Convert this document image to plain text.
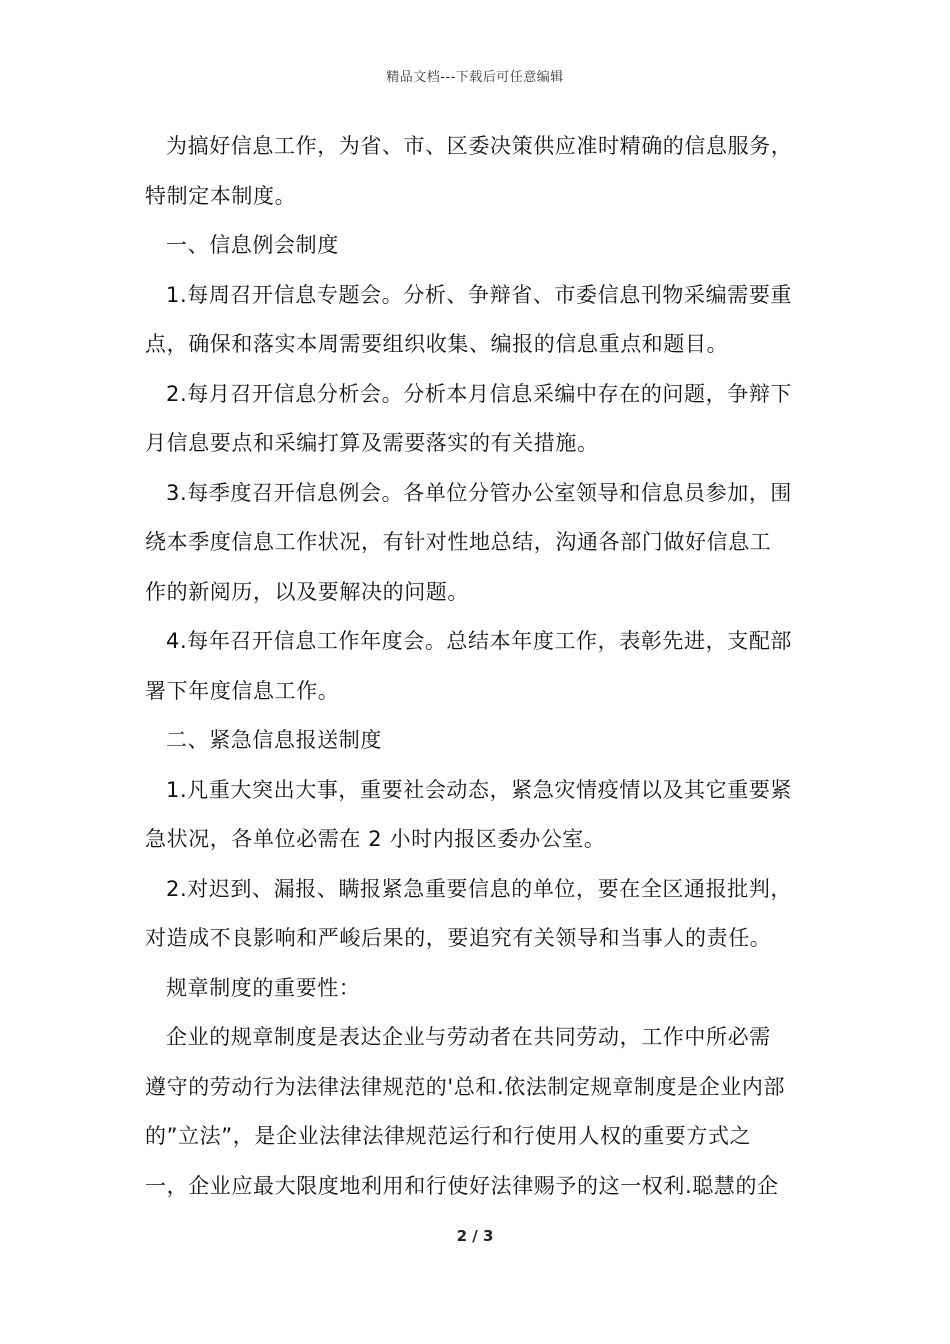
精品文档---下载后可任意编辑
为搞好信息工作，为省、市、区委决策供应准时精确的信息服务，
特制定本制度。
一、信息例会制度
1.每周召开信息专题会。分析、争辩省、市委信息刊物采编需要重
点，确保和落实本周需要组织收集、编报的信息重点和题目。
2.每月召开信息分析会。分析本月信息采编中存在的问题，争辩下
月信息要点和采编打算及需要落实的有关措施。
3.每季度召开信息例会。各单位分管办公室领导和信息员参加，围
绕本季度信息工作状况，有针对性地总结，沟通各部门做好信息工
作的新阅历，以及要解决的问题。
4.每年召开信息工作年度会。总结本年度工作，表彰先进，支配部
署下年度信息工作。
二、紧急信息报送制度
1.凡重大突出大事，重要社会动态，紧急灾情疫情以及其它重要紧
急状况，各单位必需在 2 小时内报区委办公室。
2.对迟到、漏报、瞒报紧急重要信息的单位，要在全区通报批判，
对造成不良影响和严峻后果的，要追究有关领导和当事人的责任。
规章制度的重要性：
企业的规章制度是表达企业与劳动者在共同劳动，工作中所必需
遵守的劳动行为法律法律规范的'总和.依法制定规章制度是企业内部
的”立法”，是企业法律法律规范运行和行使用人权的重要方式之
一，企业应最大限度地利用和行使好法律赐予的这一权利.聪慧的企
2 / 3
